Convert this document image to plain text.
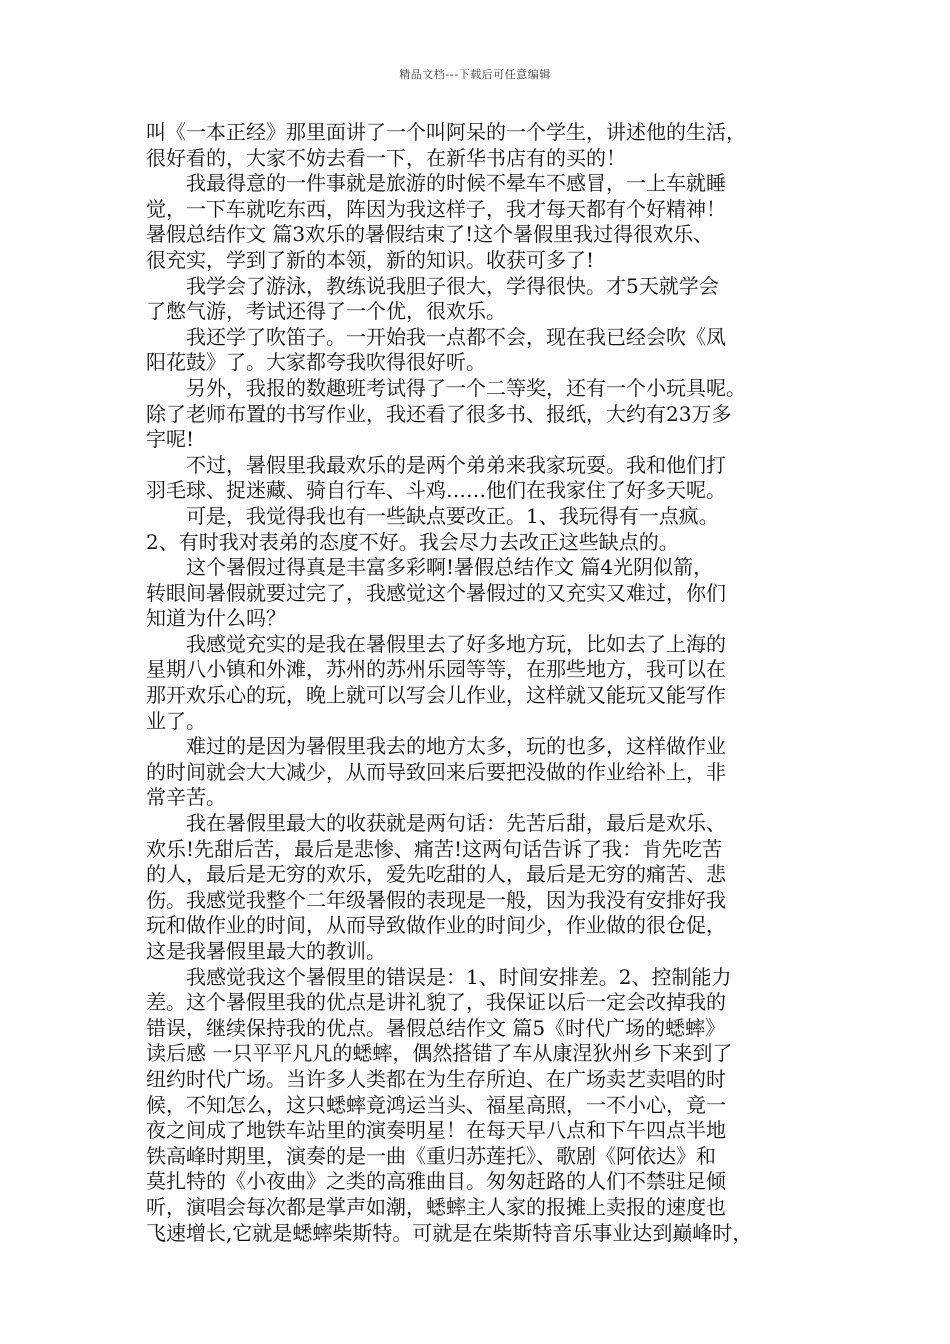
精品文档---下载后可任意编辑
叫《一本正经》那里面讲了一个叫阿呆的一个学生，讲述他的生活，
很好看的，大家不妨去看一下，在新华书店有的买的！
　　我最得意的一件事就是旅游的时候不晕车不感冒，一上车就睡
觉，一下车就吃东西，阵因为我这样子，我才每天都有个好精神！
暑假总结作文 篇3欢乐的暑假结束了!这个暑假里我过得很欢乐、
很充实，学到了新的本领，新的知识。收获可多了!
　　我学会了游泳，教练说我胆子很大，学得很快。才5天就学会
了憋气游，考试还得了一个优，很欢乐。
　　我还学了吹笛子。一开始我一点都不会，现在我已经会吹《凤
阳花鼓》了。大家都夸我吹得很好听。
　　另外，我报的数趣班考试得了一个二等奖，还有一个小玩具呢。
除了老师布置的书写作业，我还看了很多书、报纸，大约有23万多
字呢!
　　不过，暑假里我最欢乐的是两个弟弟来我家玩耍。我和他们打
羽毛球、捉迷藏、骑自行车、斗鸡……他们在我家住了好多天呢。
　　可是，我觉得我也有一些缺点要改正。1、我玩得有一点疯。
2、有时我对表弟的态度不好。我会尽力去改正这些缺点的。
　　这个暑假过得真是丰富多彩啊!暑假总结作文 篇4光阴似箭，
转眼间暑假就要过完了，我感觉这个暑假过的又充实又难过，你们
知道为什么吗？
　　我感觉充实的是我在暑假里去了好多地方玩，比如去了上海的
星期八小镇和外滩，苏州的苏州乐园等等，在那些地方，我可以在
那开欢乐心的玩，晚上就可以写会儿作业，这样就又能玩又能写作
业了。
　　难过的是因为暑假里我去的地方太多，玩的也多，这样做作业
的时间就会大大减少，从而导致回来后要把没做的作业给补上，非
常辛苦。
　　我在暑假里最大的收获就是两句话：先苦后甜，最后是欢乐、
欢乐!先甜后苦，最后是悲惨、痛苦!这两句话告诉了我：肯先吃苦
的人，最后是无穷的欢乐，爱先吃甜的人，最后是无穷的痛苦、悲
伤。我感觉我整个二年级暑假的表现是一般，因为我没有安排好我
玩和做作业的时间，从而导致做作业的时间少，作业做的很仓促，
这是我暑假里最大的教训。
　　我感觉我这个暑假里的错误是：1、时间安排差。2、控制能力
差。这个暑假里我的优点是讲礼貌了，我保证以后一定会改掉我的
错误，继续保持我的优点。暑假总结作文 篇5《时代广场的蟋蟀》
读后感 一只平平凡凡的蟋蟀，偶然搭错了车从康涅狄州乡下来到了
纽约时代广场。当许多人类都在为生存所迫、在广场卖艺卖唱的时
候，不知怎么，这只蟋蟀竟鸿运当头、福星高照，一不小心，竟一
夜之间成了地铁车站里的演奏明星！在每天早八点和下午四点半地
铁高峰时期里，演奏的是一曲《重归苏莲托》、歌剧《阿依达》和
莫扎特的《小夜曲》之类的高雅曲目。匆匆赶路的人们不禁驻足倾
听，演唱会每次都是掌声如潮，蟋蟀主人家的报摊上卖报的速度也
飞速增长,它就是蟋蟀柴斯特。可就是在柴斯特音乐事业达到巅峰时，
